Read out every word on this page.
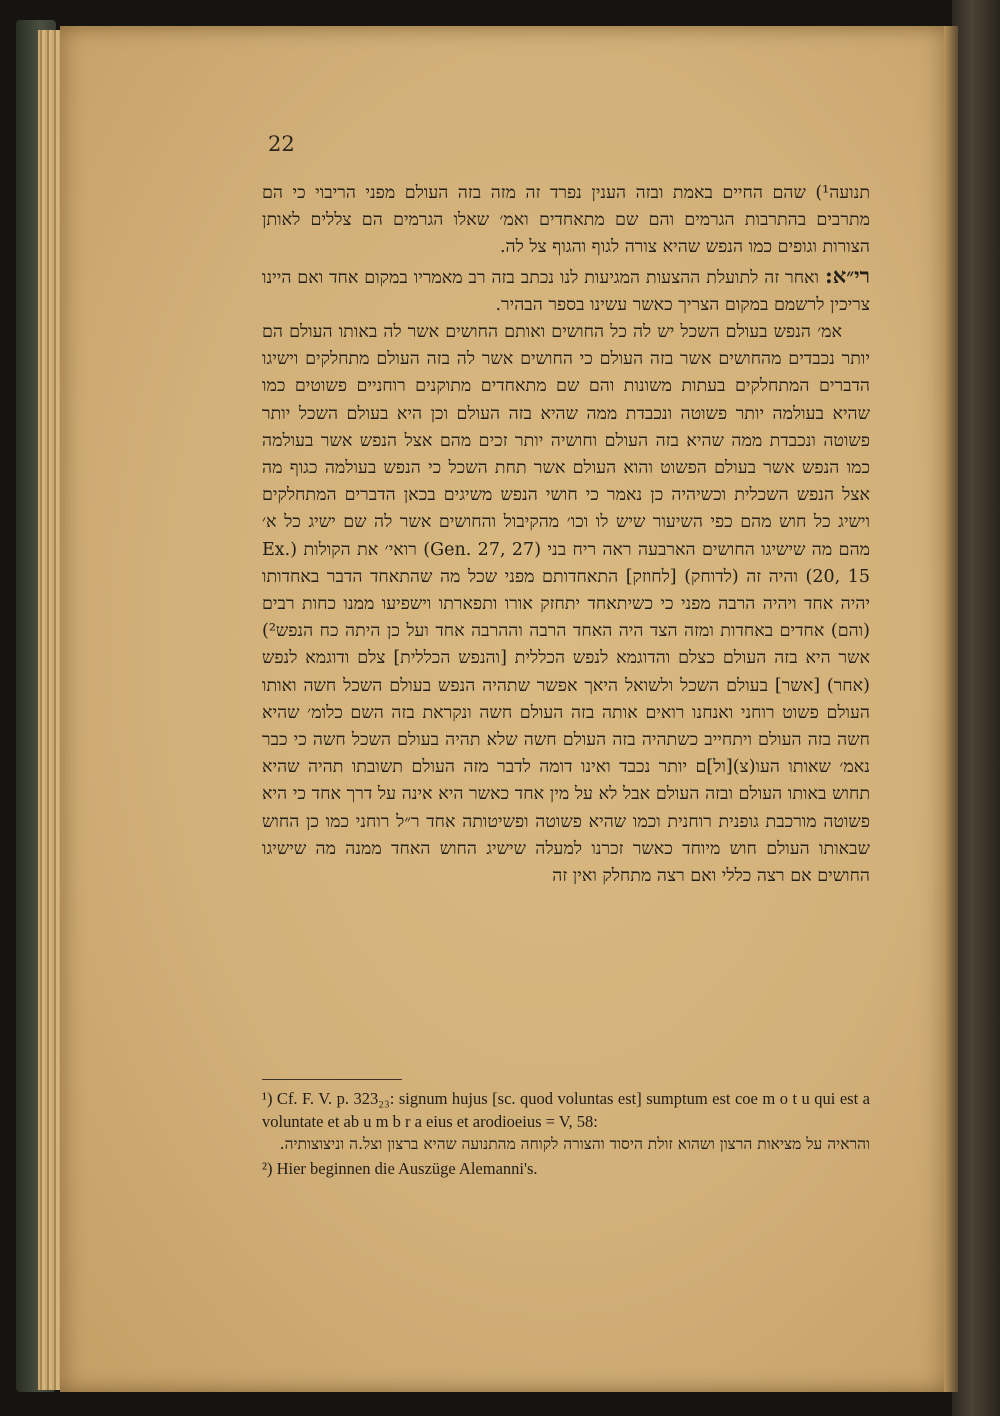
22

תנועה¹) שהם החיים באמת ובזה הענין נפרד זה מזה בזה העולם מפני הריבוי כי הם מתרבים בהתרבות הגרמים והם שם מתאחדים ואמ׳ שאלו הגרמים הם צללים לאותן הצורות וגופים כמו הנפש שהיא צורה לגוף והגוף צל לה.

רי״א: ואחר זה לתועלת ההצעות המגיעות לנו נכתב בזה רב מאמריו במקום אחד ואם היינו צריכין לרשמם במקום הצריך כאשר עשינו בספר הבהיר.

אמ׳ הנפש בעולם השכל יש לה כל החושים ואותם החושים אשר לה באותו העולם הם יותר נכבדים מהחושים אשר בזה העולם כי החושים אשר לה בזה העולם מתחלקים וישיגו הדברים המתחלקים בעתות משונות והם שם מתאחדים מתוקנים רוחניים פשוטים כמו שהיא בעולמה יותר פשוטה ונכבדת ממה שהיא בזה העולם וכן היא בעולם השכל יותר פשוטה ונכבדת ממה שהיא בזה העולם וחושיה יותר זכים מהם אצל הנפש אשר בעולמה כמו הנפש אשר בעולם הפשוט והוא העולם אשר תחת השכל כי הנפש בעולמה כגוף מה אצל הנפש השכלית וכשיהיה כן נאמר כי חושי הנפש משיגים בכאן הדברים המתחלקים וישיג כל חוש מהם כפי השיעור שיש לו וכו׳ מהקיבול והחושים אשר לה שם ישיג כל א׳ מהם מה שישיגו החושים הארבעה ראה ריח בני (Gen. 27, 27) רואי׳ את הקולות (Ex. 20, 15) והיה זה (לדוחק) [לחוזק] התאחדותם מפני שכל מה שהתאחד הדבר באחדותו יהיה אחד ויהיה הרבה מפני כי כשיתאחד יתחזק אורו ותפארתו וישפיעו ממנו כחות רבים (והם) אחדים באחדות ומזה הצד היה האחד הרבה וההרבה אחד ועל כן היתה כח הנפש²) אשר היא בזה העולם כצלם והדוגמא לנפש הכללית [והנפש הכללית] צלם ודוגמא לנפש (אחר) [אשר] בעולם השכל ולשואל היאך אפשר שתהיה הנפש בעולם השכל חשה ואותו העולם פשוט רוחני ואנחנו רואים אותה בזה העולם חשה ונקראת בזה השם כלומ׳ שהיא חשה בזה העולם ויתחייב כשתהיה בזה העולם חשה שלא תהיה בעולם השכל חשה כי כבר נאמ׳ שאותו העו(צ)[ול]ם יותר נכבד ואינו דומה לדבר מזה העולם תשובתו תהיה שהיא תחוש באותו העולם ובזה העולם אבל לא על מין אחד כאשר היא אינה על דרך אחד כי היא פשוטה מורכבת גופנית רוחנית וכמו שהיא פשוטה ופשיטותה אחד ר״ל רוחני כמו כן החוש שבאותו העולם חוש מיוחד כאשר זכרנו למעלה שישיג החוש האחד ממנה מה שישיגו החושים אם רצה כללי ואם רצה מתחלק ואין זה

¹) Cf. F. V. p. 323₂₃: signum hujus [sc. quod voluntas est] sumptum est coe m o t u qui est a voluntate et ab u m b r a eius et arodioeius = V, 58:
והראיה על מציאות הרצון ושהוא זולת היסוד והצורה לקוחה מהתנועה שהיא ברצון וצל.ה וניצוצותיה.
²) Hier beginnen die Auszüge Alemanni's.
